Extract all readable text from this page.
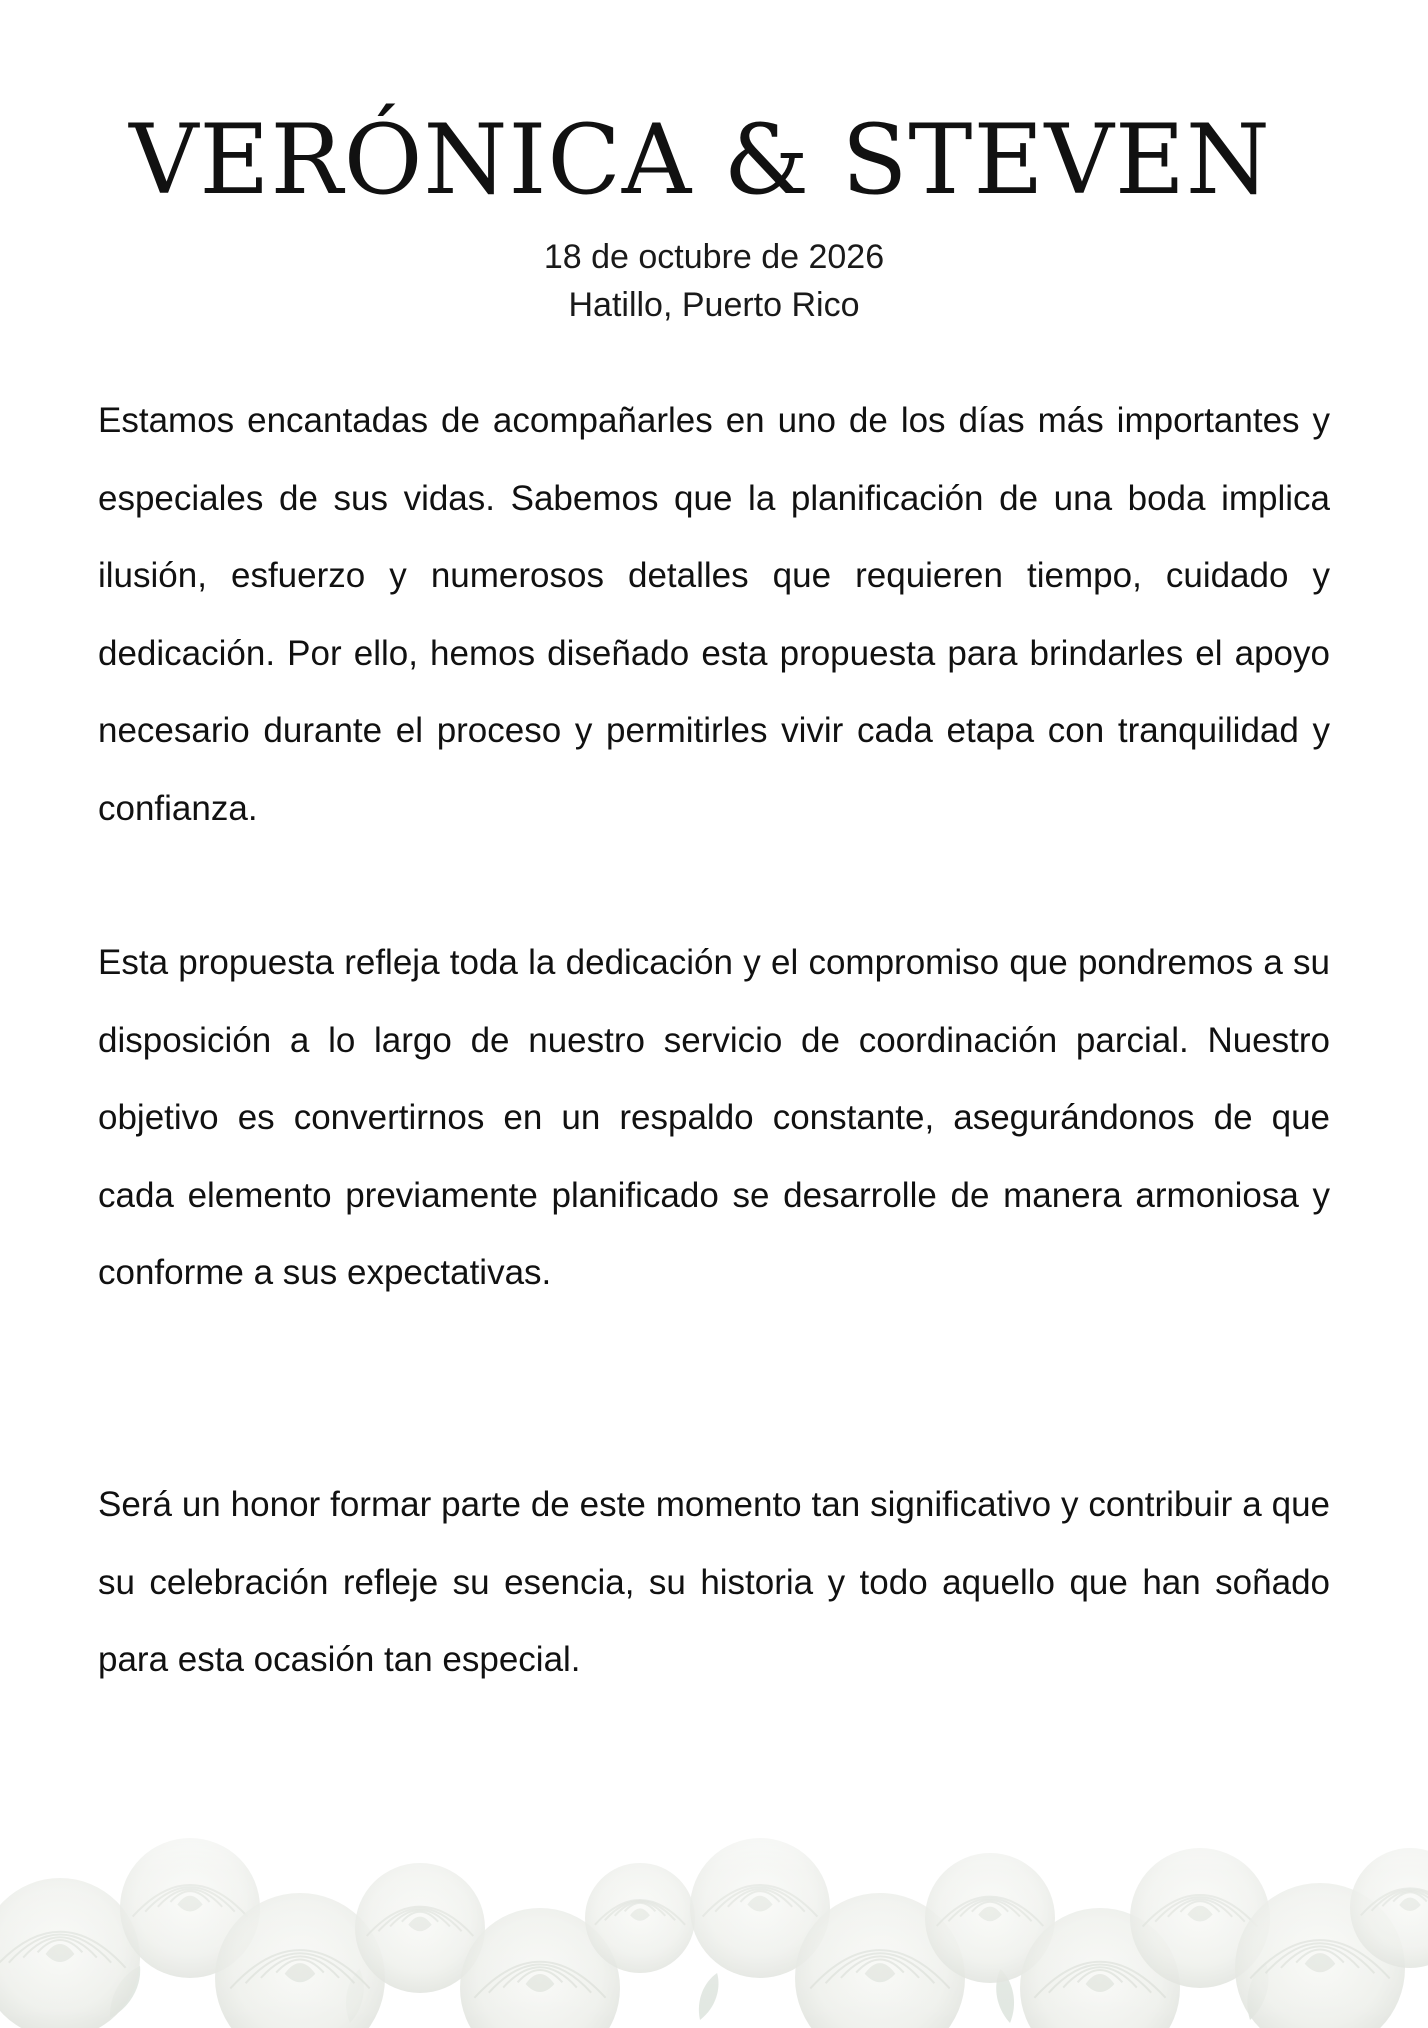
VERÓNICA & STEVEN
18 de octubre de 2026
Hatillo, Puerto Rico

Estamos encantadas de acompañarles en uno de los días más importantes y especiales de sus vidas. Sabemos que la planificación de una boda implica ilusión, esfuerzo y numerosos detalles que requieren tiempo, cuidado y dedicación. Por ello, hemos diseñado esta propuesta para brindarles el apoyo necesario durante el proceso y permitirles vivir cada etapa con tranquilidad y confianza.

Esta propuesta refleja toda la dedicación y el compromiso que pondremos a su disposición a lo largo de nuestro servicio de coordinación parcial. Nuestro objetivo es convertirnos en un respaldo constante, asegurándonos de que cada elemento previamente planificado se desarrolle de manera armoniosa y conforme a sus expectativas.

Será un honor formar parte de este momento tan significativo y contribuir a que su celebración refleje su esencia, su historia y todo aquello que han soñado para esta ocasión tan especial.
